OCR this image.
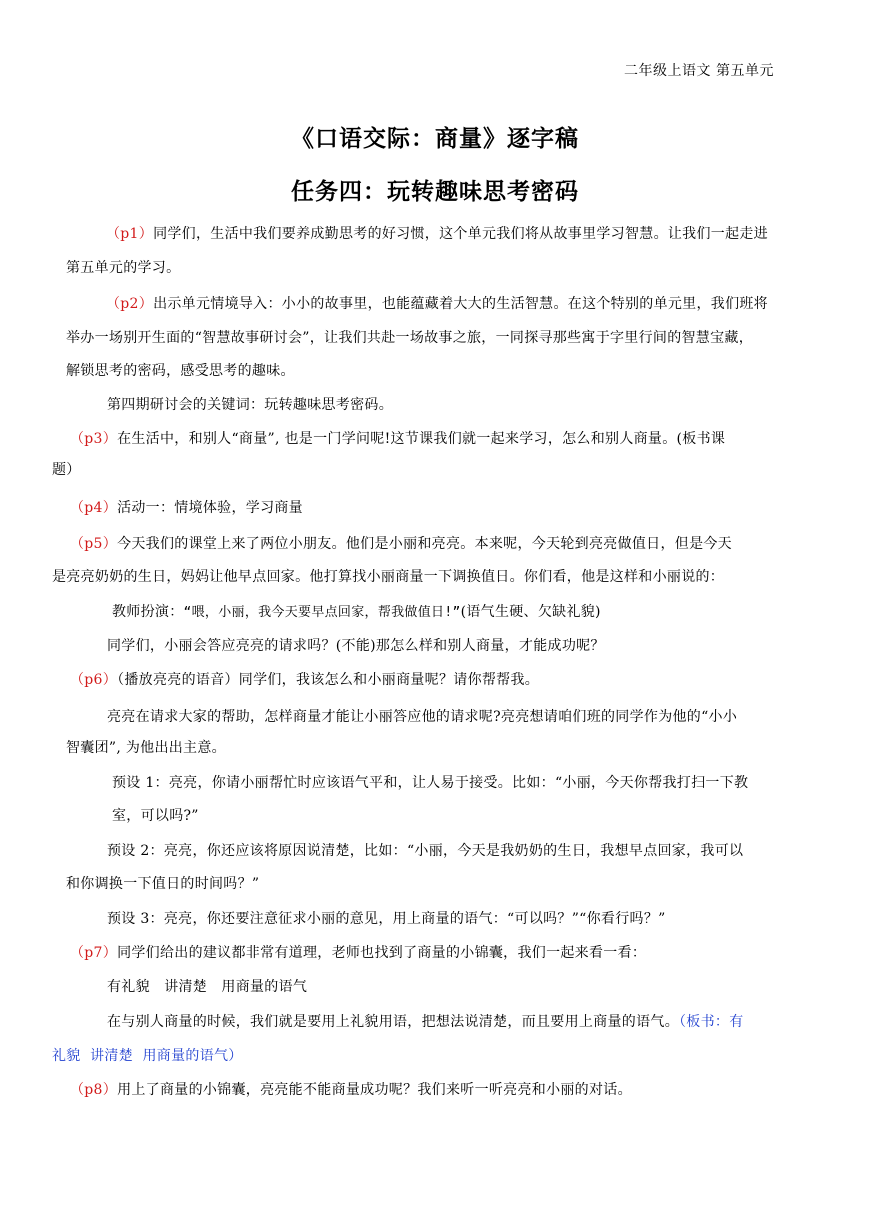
二年级上语文 第五单元
《口语交际：商量》逐字稿
任务四：玩转趣味思考密码
（p1）同学们，生活中我们要养成勤思考的好习惯，这个单元我们将从故事里学习智慧。让我们一起走进
第五单元的学习。
（p2）出示单元情境导入：小小的故事里，也能蕴藏着大大的生活智慧。在这个特别的单元里，我们班将
举办一场别开生面的“智慧故事研讨会”，让我们共赴一场故事之旅，一同探寻那些寓于字里行间的智慧宝藏，
解锁思考的密码，感受思考的趣味。
第四期研讨会的关键词：玩转趣味思考密码。
（p3）在生活中，和别人“商量”, 也是一门学问呢!这节课我们就一起来学习，怎么和别人商量。(板书课
题）
（p4）活动一：情境体验，学习商量
（p5）今天我们的课堂上来了两位小朋友。他们是小丽和亮亮。本来呢，今天轮到亮亮做值日，但是今天
是亮亮奶奶的生日，妈妈让他早点回家。他打算找小丽商量一下调换值日。你们看，他是这样和小丽说的：
教师扮演：“喂，小丽，我今天要早点回家，帮我做值日!”(语气生硬、欠缺礼貌)
同学们，小丽会答应亮亮的请求吗？(不能)那怎么样和别人商量，才能成功呢？
（p6）（播放亮亮的语音）同学们，我该怎么和小丽商量呢？请你帮帮我。
亮亮在请求大家的帮助，怎样商量才能让小丽答应他的请求呢?亮亮想请咱们班的同学作为他的“小小
智囊团”, 为他出出主意。
预设 1：亮亮，你请小丽帮忙时应该语气平和，让人易于接受。比如：“小丽，今天你帮我打扫一下教
室，可以吗?”
预设 2：亮亮，你还应该将原因说清楚，比如：“小丽，今天是我奶奶的生日，我想早点回家，我可以
和你调换一下值日的时间吗？”
预设 3：亮亮，你还要注意征求小丽的意见，用上商量的语气：“可以吗？”“你看行吗？”
（p7）同学们给出的建议都非常有道理，老师也找到了商量的小锦囊，我们一起来看一看：
有礼貌　讲清楚　用商量的语气
在与别人商量的时候，我们就是要用上礼貌用语，把想法说清楚，而且要用上商量的语气。（板书：有
礼貌  讲清楚  用商量的语气）
（p8）用上了商量的小锦囊，亮亮能不能商量成功呢？我们来听一听亮亮和小丽的对话。
